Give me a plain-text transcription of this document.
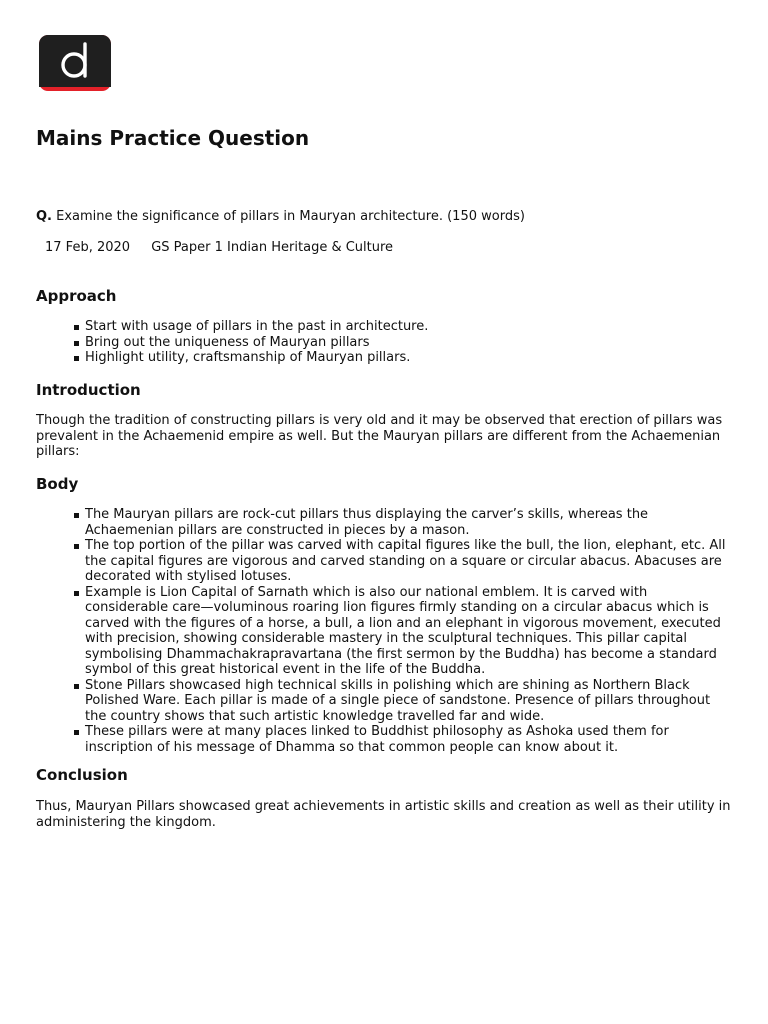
Mains Practice Question
Q. Examine the significance of pillars in Mauryan architecture. (150 words)
17 Feb, 2020 GS Paper 1 Indian Heritage & Culture
Approach
Start with usage of pillars in the past in architecture.
Bring out the uniqueness of Mauryan pillars
Highlight utility, craftsmanship of Mauryan pillars.
Introduction

Though the tradition of constructing pillars is very old and it may be observed that erection of pillars was prevalent in the Achaemenid empire as well. But the Mauryan pillars are different from the Achaemenian pillars:

Body
The Mauryan pillars are rock-cut pillars thus displaying the carver’s skills, whereas the Achaemenian pillars are constructed in pieces by a mason.
The top portion of the pillar was carved with capital figures like the bull, the lion, elephant, etc. All the capital figures are vigorous and carved standing on a square or circular abacus. Abacuses are decorated with stylised lotuses.
Example is Lion Capital of Sarnath which is also our national emblem. It is carved with considerable care—voluminous roaring lion figures firmly standing on a circular abacus which is carved with the figures of a horse, a bull, a lion and an elephant in vigorous movement, executed with precision, showing considerable mastery in the sculptural techniques. This pillar capital symbolising Dhammachakrapravartana (the first sermon by the Buddha) has become a standard symbol of this great historical event in the life of the Buddha.
Stone Pillars showcased high technical skills in polishing which are shining as Northern Black Polished Ware. Each pillar is made of a single piece of sandstone. Presence of pillars throughout the country shows that such artistic knowledge travelled far and wide.
These pillars were at many places linked to Buddhist philosophy as Ashoka used them for inscription of his message of Dhamma so that common people can know about it.
Conclusion

Thus, Mauryan Pillars showcased great achievements in artistic skills and creation as well as their utility in administering the kingdom.
